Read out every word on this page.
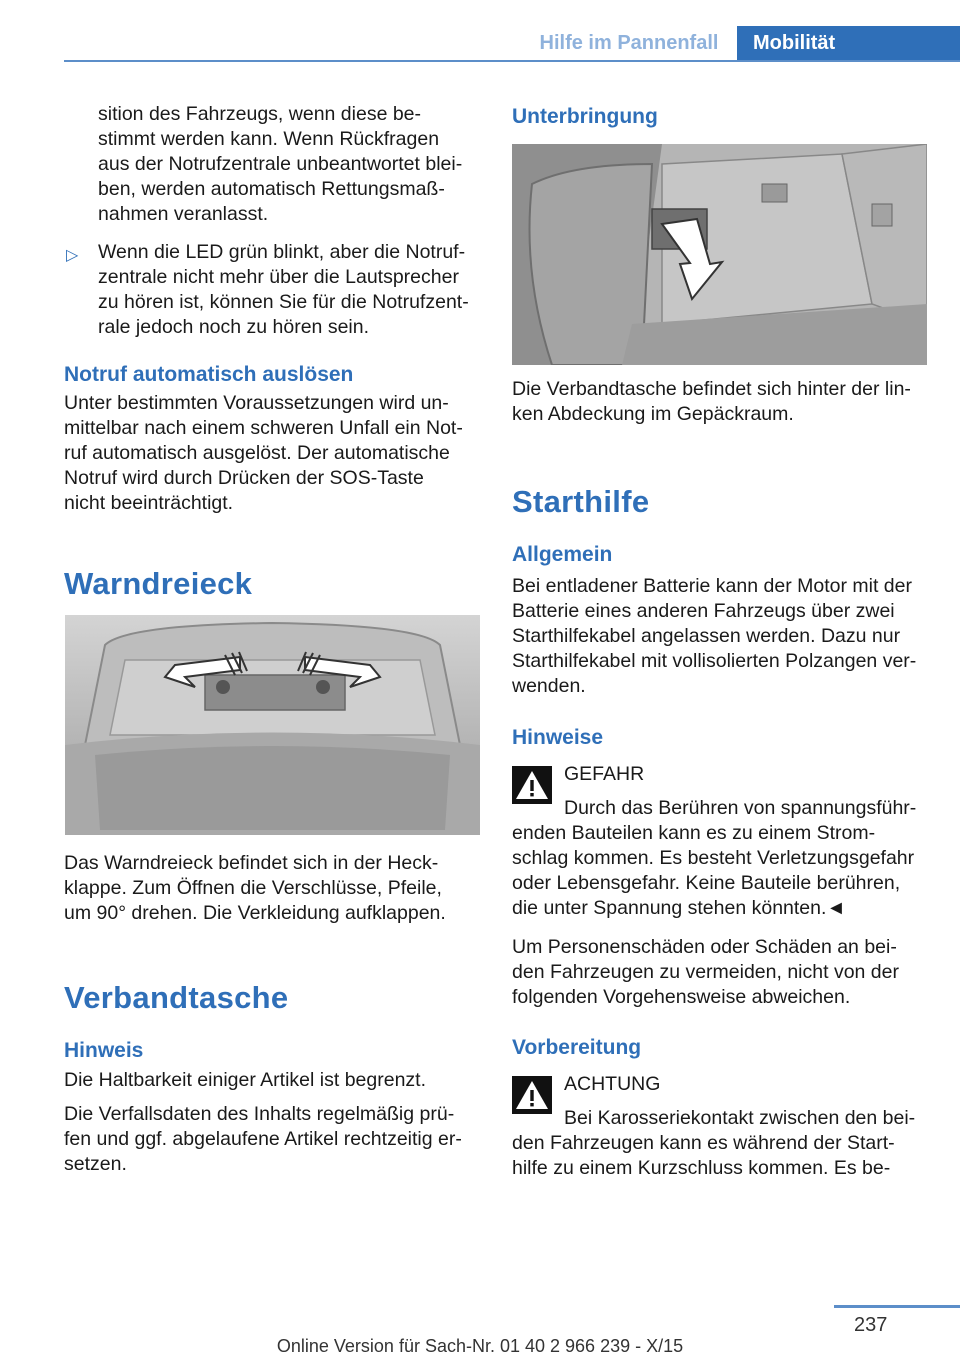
Hilfe im Pannenfall	Mobilität
sition des Fahrzeugs, wenn diese be-
stimmt werden kann. Wenn Rückfragen
aus der Notrufzentrale unbeantwortet blei-
ben, werden automatisch Rettungsmaß-
nahmen veranlasst.
▷ Wenn die LED grün blinkt, aber die Notruf-
zentrale nicht mehr über die Lautsprecher
zu hören ist, können Sie für die Notrufzent-
rale jedoch noch zu hören sein.
Notruf automatisch auslösen
Unter bestimmten Voraussetzungen wird un-
mittelbar nach einem schweren Unfall ein Not-
ruf automatisch ausgelöst. Der automatische
Notruf wird durch Drücken der SOS-Taste
nicht beeinträchtigt.
Warndreieck
Das Warndreieck befindet sich in der Heck-
klappe. Zum Öffnen die Verschlüsse, Pfeile,
um 90° drehen. Die Verkleidung aufklappen.
Verbandtasche
Hinweis
Die Haltbarkeit einiger Artikel ist begrenzt.
Die Verfallsdaten des Inhalts regelmäßig prü-
fen und ggf. abgelaufene Artikel rechtzeitig er-
setzen.
Unterbringung
Die Verbandtasche befindet sich hinter der lin-
ken Abdeckung im Gepäckraum.
Starthilfe
Allgemein
Bei entladener Batterie kann der Motor mit der
Batterie eines anderen Fahrzeugs über zwei
Starthilfekabel angelassen werden. Dazu nur
Starthilfekabel mit vollisolierten Polzangen ver-
wenden.
Hinweise
GEFAHR
Durch das Berühren von spannungsführ-
enden Bauteilen kann es zu einem Strom-
schlag kommen. Es besteht Verletzungsgefahr
oder Lebensgefahr. Keine Bauteile berühren,
die unter Spannung stehen könnten.◄
Um Personenschäden oder Schäden an bei-
den Fahrzeugen zu vermeiden, nicht von der
folgenden Vorgehensweise abweichen.
Vorbereitung
ACHTUNG
Bei Karosseriekontakt zwischen den bei-
den Fahrzeugen kann es während der Start-
hilfe zu einem Kurzschluss kommen. Es be-
237
Online Version für Sach-Nr. 01 40 2 966 239 - X/15
